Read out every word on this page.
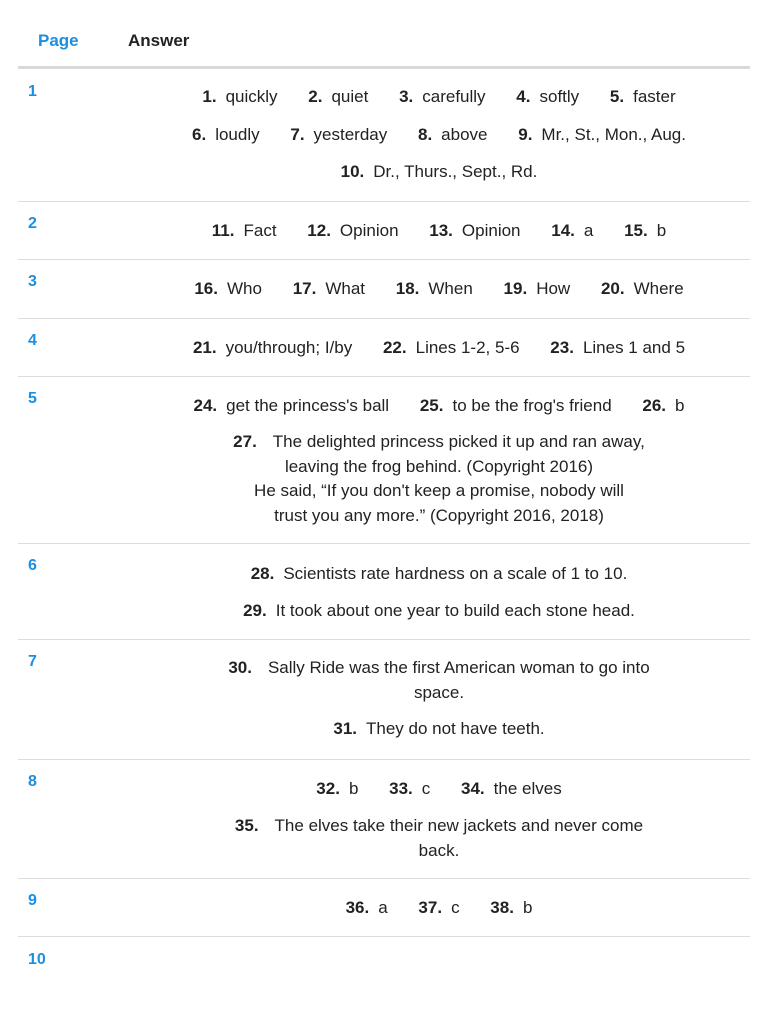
Page	Answer
1	1. quickly 2. quiet 3. carefully 4. softly 5. faster
6. loudly 7. yesterday 8. above 9. Mr., St., Mon., Aug.
10. Dr., Thurs., Sept., Rd.
2	11. Fact 12. Opinion 13. Opinion 14. a 15. b
3	16. Who 17. What 18. When 19. How 20. Where
4	21. you/through; I/by 22. Lines 1-2, 5-6 23. Lines 1 and 5
5	24. get the princess's ball 25. to be the frog's friend 26. b
27. The delighted princess picked it up and ran away,
leaving the frog behind. (Copyright 2016)
He said, “If you don't keep a promise, nobody will
trust you any more.” (Copyright 2016, 2018)
6	28. Scientists rate hardness on a scale of 1 to 10.
29. It took about one year to build each stone head.
7	30. Sally Ride was the first American woman to go into
space.
31. They do not have teeth.
8	32. b 33. c 34. the elves
35. The elves take their new jackets and never come
back.
9	36. a 37. c 38. b
10
